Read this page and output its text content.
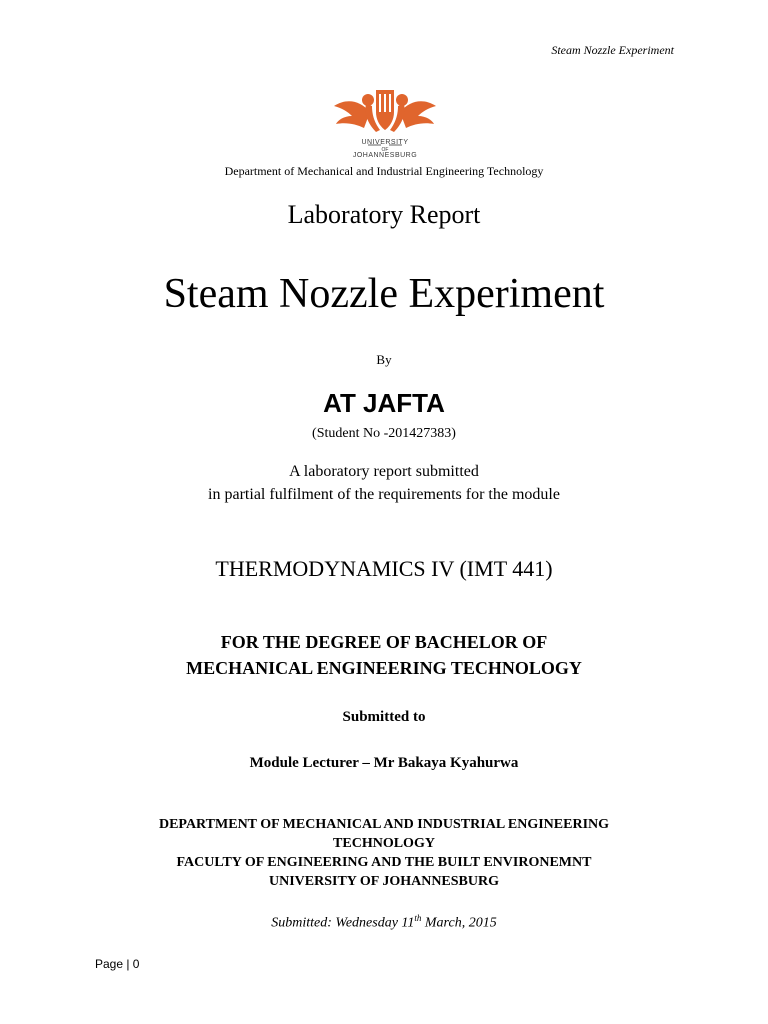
Steam Nozzle Experiment
UNIVERSITY
OF
JOHANNESBURG
Department of Mechanical and Industrial Engineering Technology
Laboratory Report
Steam Nozzle Experiment
By
AT JAFTA
(Student No -201427383)
A laboratory report submitted
in partial fulfilment of the requirements for the module
THERMODYNAMICS IV (IMT 441)
FOR THE DEGREE OF BACHELOR OF
MECHANICAL ENGINEERING TECHNOLOGY
Submitted to
Module Lecturer – Mr Bakaya Kyahurwa
DEPARTMENT OF MECHANICAL AND INDUSTRIAL ENGINEERING
TECHNOLOGY
FACULTY OF ENGINEERING AND THE BUILT ENVIRONEMNT
UNIVERSITY OF JOHANNESBURG
Submitted: Wednesday 11th March, 2015
Page | 0
